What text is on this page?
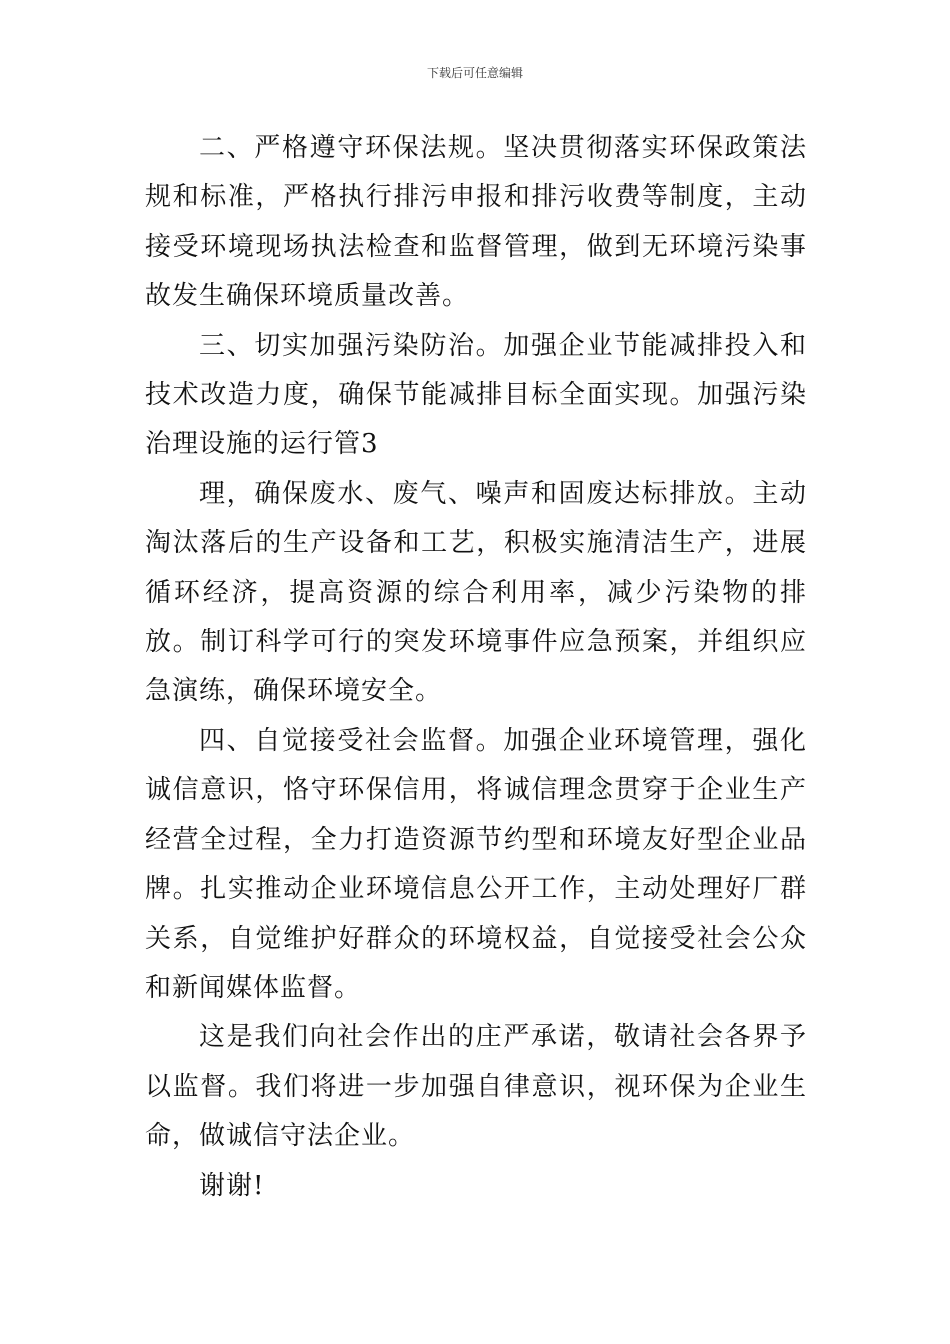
下载后可任意编辑

二、严格遵守环保法规。坚决贯彻落实环保政策法规和标准，严格执行排污申报和排污收费等制度，主动接受环境现场执法检查和监督管理，做到无环境污染事故发生确保环境质量改善。

三、切实加强污染防治。加强企业节能减排投入和技术改造力度，确保节能减排目标全面实现。加强污染治理设施的运行管3

理，确保废水、废气、噪声和固废达标排放。主动淘汰落后的生产设备和工艺，积极实施清洁生产，进展循环经济，提高资源的综合利用率，减少污染物的排放。制订科学可行的突发环境事件应急预案，并组织应急演练，确保环境安全。

四、自觉接受社会监督。加强企业环境管理，强化诚信意识，恪守环保信用，将诚信理念贯穿于企业生产经营全过程，全力打造资源节约型和环境友好型企业品牌。扎实推动企业环境信息公开工作，主动处理好厂群关系，自觉维护好群众的环境权益，自觉接受社会公众和新闻媒体监督。

这是我们向社会作出的庄严承诺，敬请社会各界予以监督。我们将进一步加强自律意识，视环保为企业生命，做诚信守法企业。

谢谢!
